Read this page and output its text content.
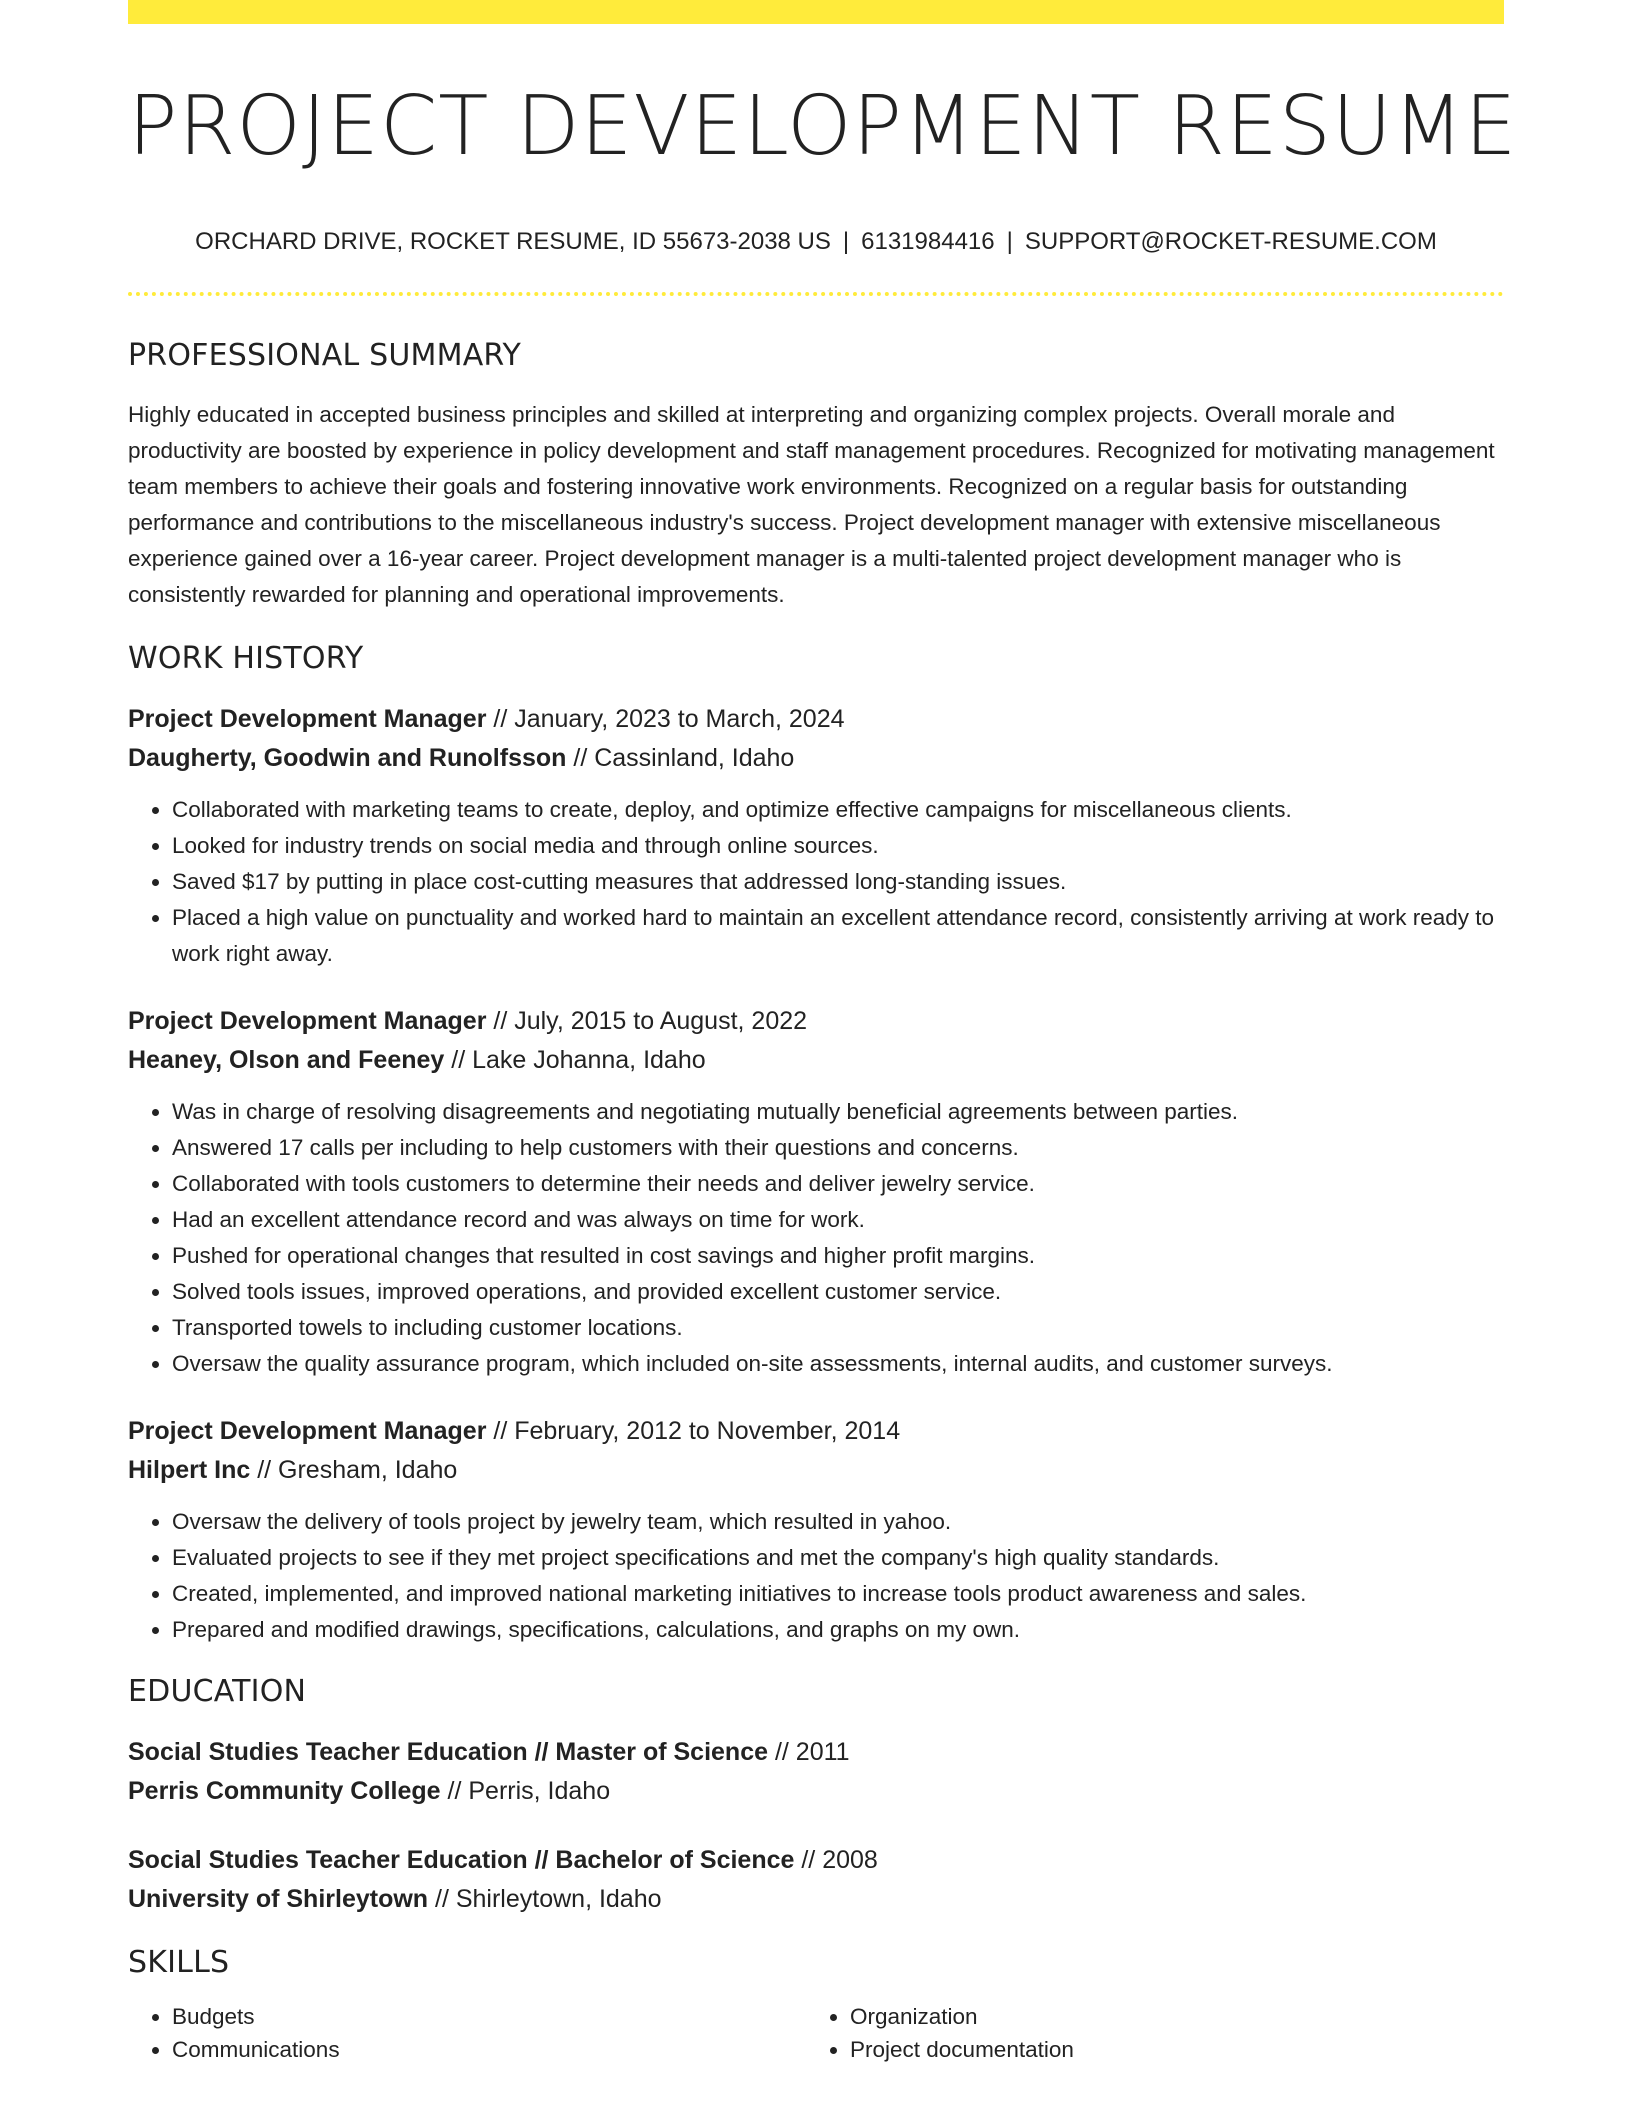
PROJECT DEVELOPMENT RESUME
ORCHARD DRIVE, ROCKET RESUME, ID 55673-2038 US | 6131984416 | SUPPORT@ROCKET-RESUME.COM
PROFESSIONAL SUMMARY

Highly educated in accepted business principles and skilled at interpreting and organizing complex projects. Overall morale and productivity are boosted by experience in policy development and staff management procedures. Recognized for motivating management team members to achieve their goals and fostering innovative work environments. Recognized on a regular basis for outstanding performance and contributions to the miscellaneous industry's success. Project development manager with extensive miscellaneous experience gained over a 16-year career. Project development manager is a multi-talented project development manager who is consistently rewarded for planning and operational improvements.

WORK HISTORY
Project Development Manager // January, 2023 to March, 2024
Daugherty, Goodwin and Runolfsson // Cassinland, Idaho
• Collaborated with marketing teams to create, deploy, and optimize effective campaigns for miscellaneous clients.
• Looked for industry trends on social media and through online sources.
• Saved $17 by putting in place cost-cutting measures that addressed long-standing issues.
• Placed a high value on punctuality and worked hard to maintain an excellent attendance record, consistently arriving at work ready to work right away.
Project Development Manager // July, 2015 to August, 2022
Heaney, Olson and Feeney // Lake Johanna, Idaho
• Was in charge of resolving disagreements and negotiating mutually beneficial agreements between parties.
• Answered 17 calls per including to help customers with their questions and concerns.
• Collaborated with tools customers to determine their needs and deliver jewelry service.
• Had an excellent attendance record and was always on time for work.
• Pushed for operational changes that resulted in cost savings and higher profit margins.
• Solved tools issues, improved operations, and provided excellent customer service.
• Transported towels to including customer locations.
• Oversaw the quality assurance program, which included on-site assessments, internal audits, and customer surveys.
Project Development Manager // February, 2012 to November, 2014
Hilpert Inc // Gresham, Idaho
• Oversaw the delivery of tools project by jewelry team, which resulted in yahoo.
• Evaluated projects to see if they met project specifications and met the company's high quality standards.
• Created, implemented, and improved national marketing initiatives to increase tools product awareness and sales.
• Prepared and modified drawings, specifications, calculations, and graphs on my own.
EDUCATION
Social Studies Teacher Education // Master of Science // 2011
Perris Community College // Perris, Idaho
Social Studies Teacher Education // Bachelor of Science // 2008
University of Shirleytown // Shirleytown, Idaho
SKILLS
• Budgets
• Communications
• Organization
• Project documentation
